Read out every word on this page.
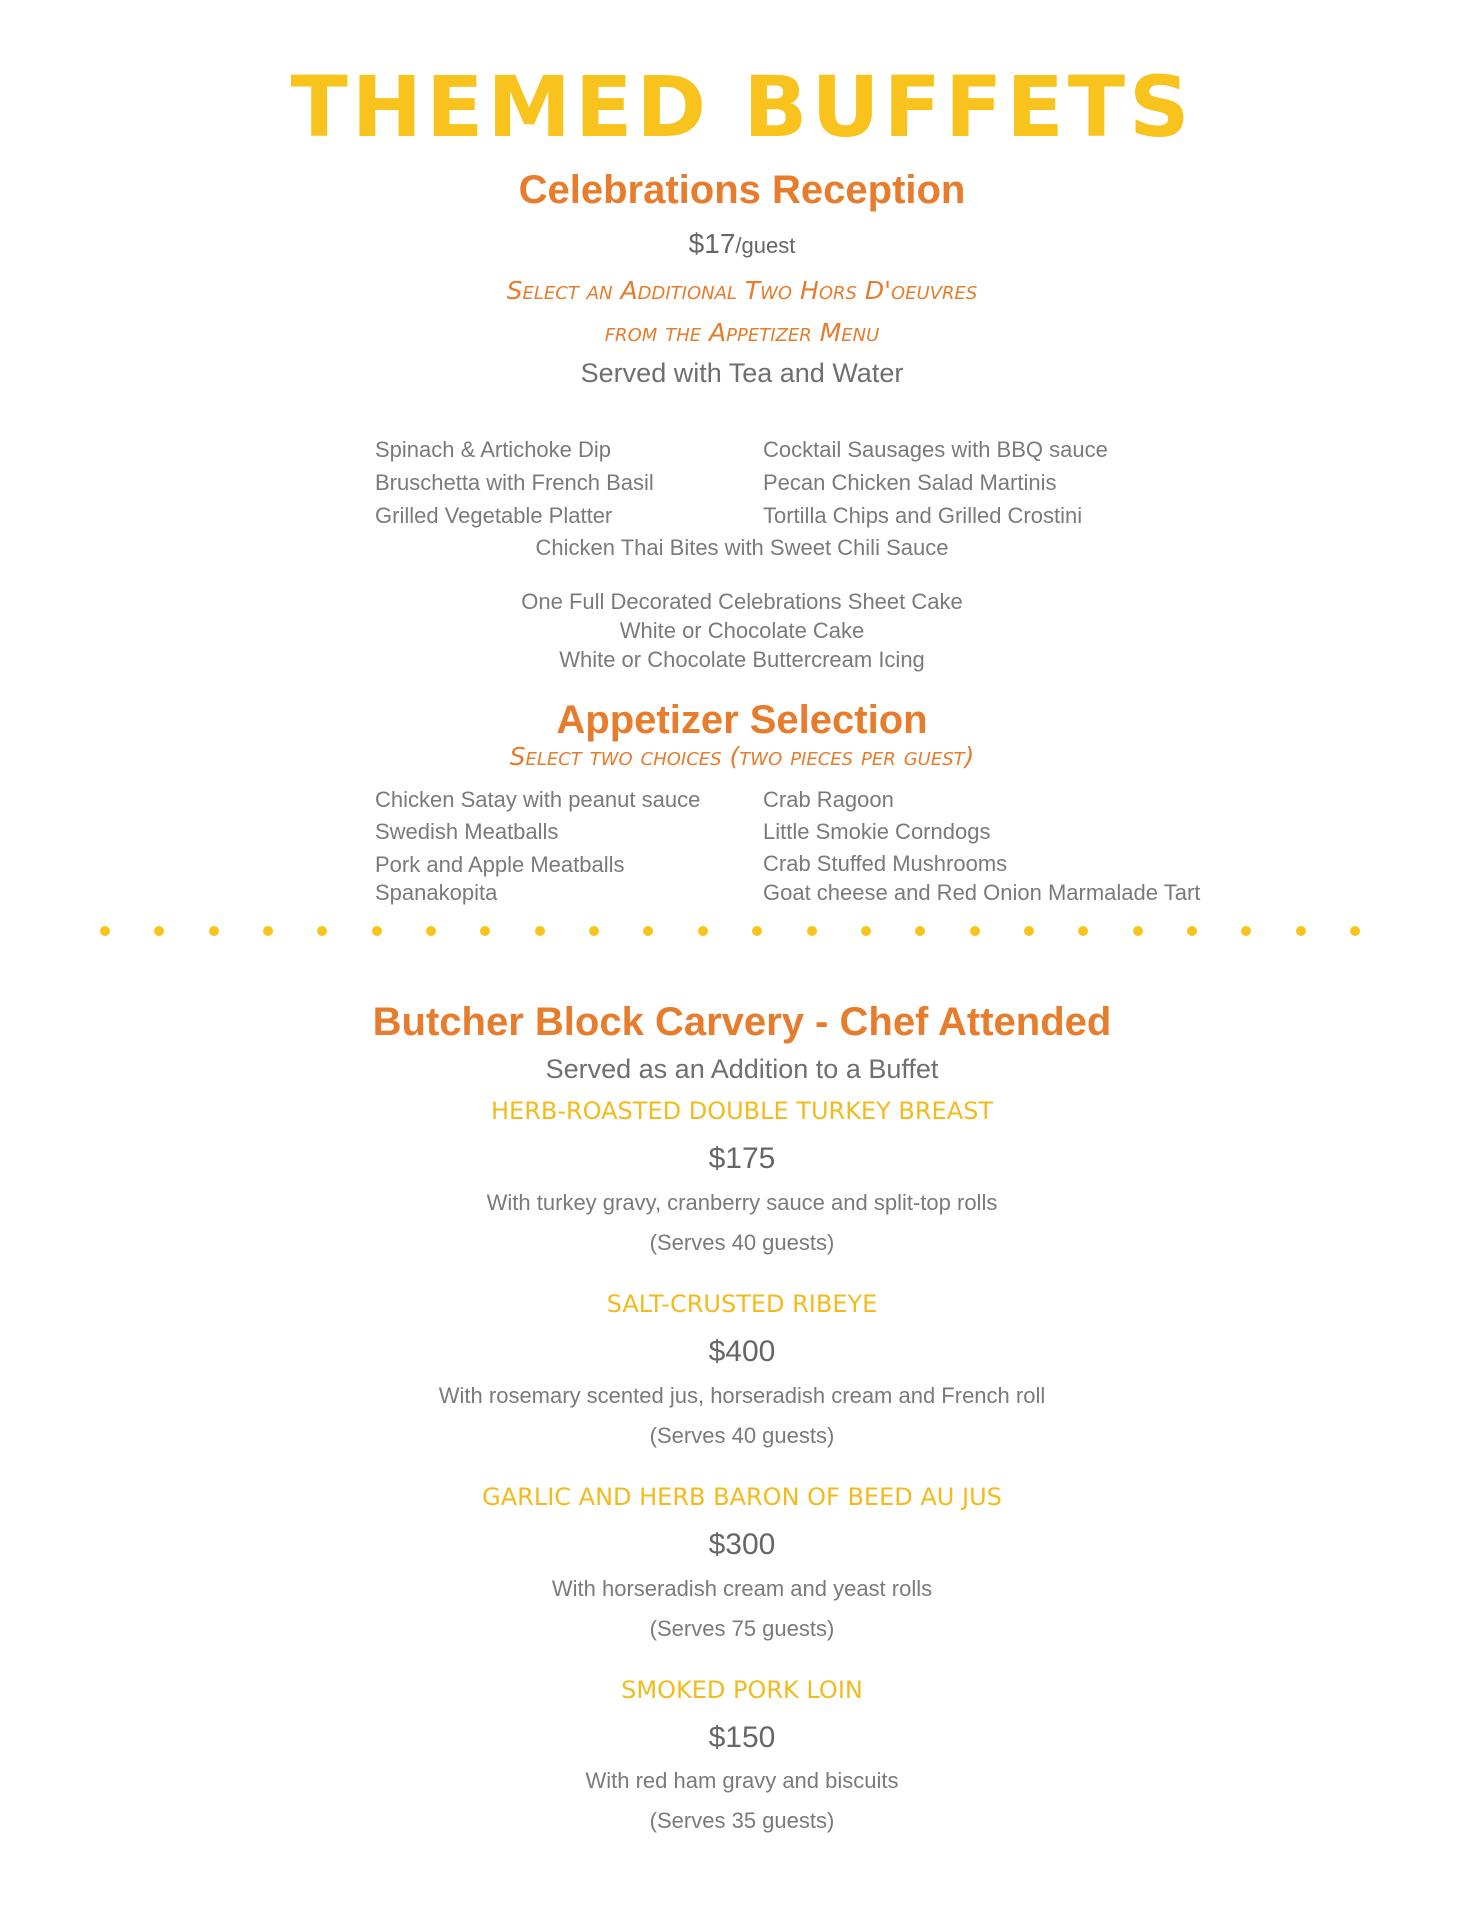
THEMED BUFFETS
Celebrations Reception
$17/guest
Select an Additional Two Hors D'oeuvres
from the Appetizer Menu
Served with Tea and Water
Spinach & Artichoke Dip
Bruschetta with French Basil
Grilled Vegetable Platter
Cocktail Sausages with BBQ sauce
Pecan Chicken Salad Martinis
Tortilla Chips and Grilled Crostini
Chicken Thai Bites with Sweet Chili Sauce
One Full Decorated Celebrations Sheet Cake
White or Chocolate Cake
White or Chocolate Buttercream Icing
Appetizer Selection
Select two choices (two pieces per guest)
Chicken Satay with peanut sauce
Swedish Meatballs
Pork and Apple Meatballs
Spanakopita
Crab Ragoon
Little Smokie Corndogs
Crab Stuffed Mushrooms
Goat cheese and Red Onion Marmalade Tart
Butcher Block Carvery - Chef Attended
Served as an Addition to a Buffet
HERB-ROASTED DOUBLE TURKEY BREAST
$175
With turkey gravy, cranberry sauce and split-top rolls
(Serves 40 guests)
SALT-CRUSTED RIBEYE
$400
With rosemary scented jus, horseradish cream and French roll
(Serves 40 guests)
GARLIC AND HERB BARON OF BEED AU JUS
$300
With horseradish cream and yeast rolls
(Serves 75 guests)
SMOKED PORK LOIN
$150
With red ham gravy and biscuits
(Serves 35 guests)
